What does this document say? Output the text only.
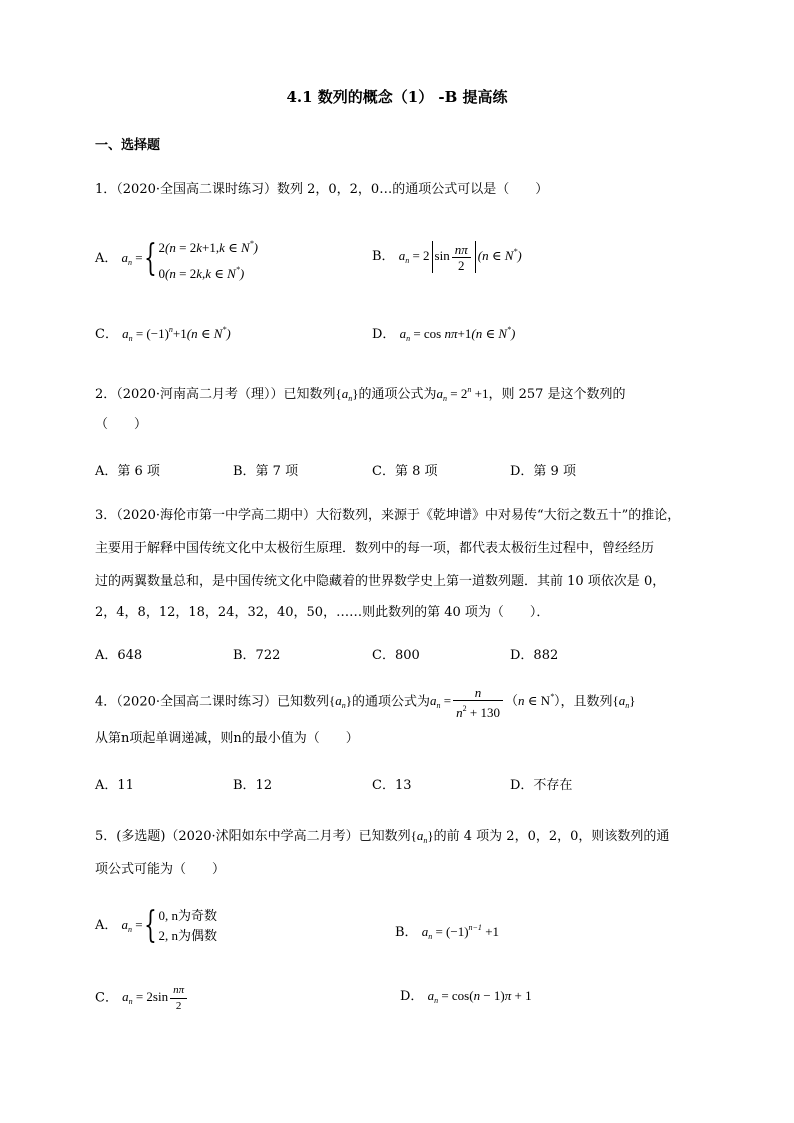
4.1 数列的概念（1） -B 提高练
一、选择题
1．（2020·全国高二课时练习）数列 2，0，2，0…的通项公式可以是（　　）
A． $a_n$ ={ 2(n = 2k+1,k ∈ N*)
0(n = 2k,k ∈ N*)
B． $a_n = 2$ $\sin \frac{n\pi}{2} (n$ ∈ N*)
C． $a_n = (-1)^n+1(n$ ∈ N*)	D． $a_n = \cos n\pi+1(n$ ∈ N*)
2．（2020·河南高二月考（理））已知数列$\{a_n\}$的通项公式为$a_n = 2^n +1$，则 257 是这个数列的
（　　）
A．第 6 项	B．第 7 项	C．第 8 项	D．第 9 项
3．（2020·海伦市第一中学高二期中）大衍数列，来源于《乾坤谱》中对易传“大衍之数五十”的推论，
主要用于解释中国传统文化中太极衍生原理．数列中的每一项，都代表太极衍生过程中，曾经经历
过的两翼数量总和，是中国传统文化中隐藏着的世界数学史上第一道数列题．其前 10 项依次是 0，
2，4，8，12，18，24，32，40，50，……则此数列的第 40 项为（　　）．
A．648	B．722	C．800	D．882
4．（2020·全国高二课时练习）已知数列$\{a_n\}$的通项公式为$a_n = \frac{n}{n^2 + 130} (n$ ∈ N*），且数列$\{a_n\}$
从第n项起单调递减，则n的最小值为（　　）
A．11	B．12	C．13	D．不存在
5．(多选题)（2020·沭阳如东中学高二月考）已知数列$\{a_n\}$的前 4 项为 2，0，2，0，则该数列的通
项公式可能为（　　）
A． $a_n$ ={ 0, n为奇数
2, n为偶数	B． $a_n = (-1)^{n-1} +1$
C． $a_n = 2\sin \frac{n\pi}{2}$	D． $a_n = \cos(n - 1)\pi + 1$
